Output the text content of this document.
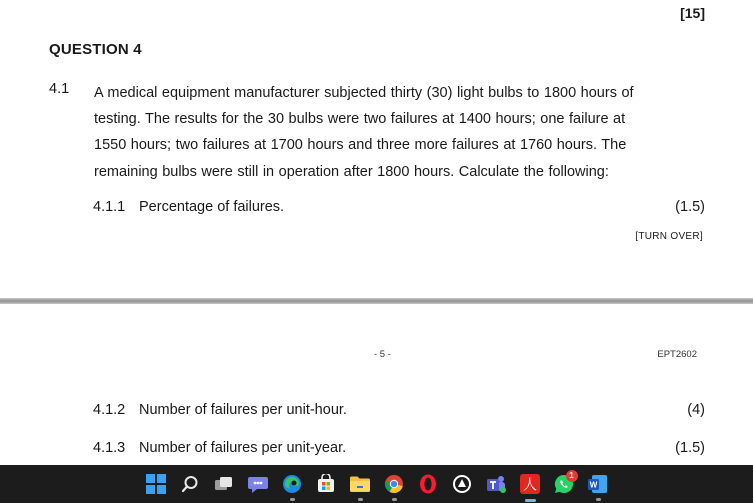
[15]
QUESTION 4
4.1 A medical equipment manufacturer subjected thirty (30) light bulbs to 1800 hours of
testing. The results for the 30 bulbs were two failures at 1400 hours; one failure at
1550 hours; two failures at 1700 hours and three more failures at 1760 hours. The
remaining bulbs were still in operation after 1800 hours. Calculate the following:
4.1.1 Percentage of failures.	(1.5)
[TURN OVER]
- 5 -	EPT2602
4.1.2 Number of failures per unit-hour.	(4)
4.1.3 Number of failures per unit-year.	(1.5)
人
1
W
